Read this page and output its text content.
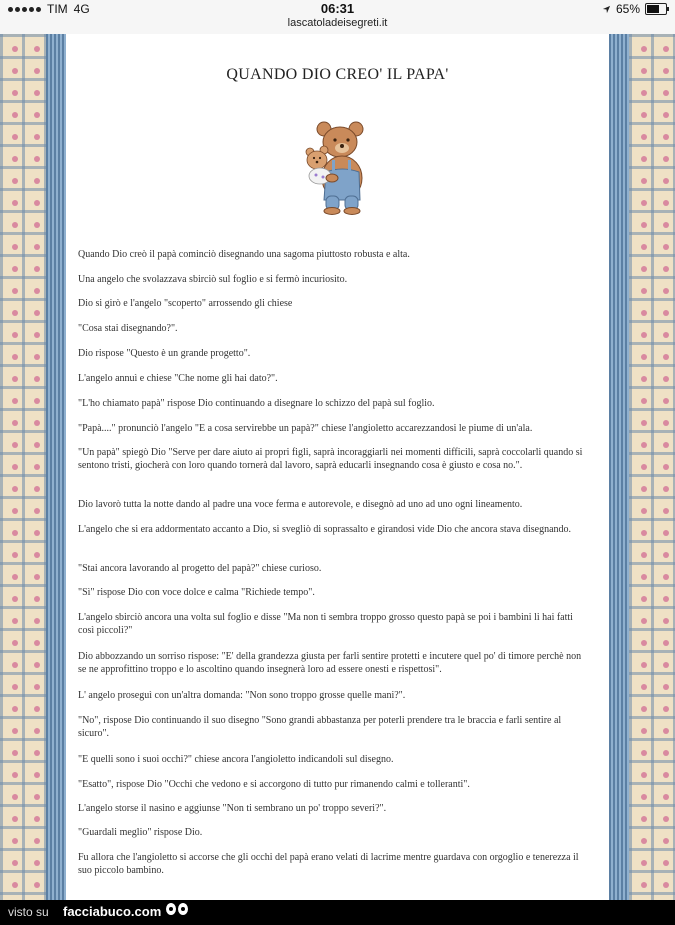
TIM 4G	06:31
lascatoladeisegreti.it
65%
QUANDO DIO CREO' IL PAPA'

Quando Dio creò il papà cominciò disegnando una sagoma piuttosto robusta e alta.

Una angelo che svolazzava sbirciò sul foglio e si fermò incuriosito.

Dio si girò e l'angelo "scoperto" arrossendo gli chiese

"Cosa stai disegnando?".

Dio rispose "Questo è un grande progetto".

L'angelo annuì e chiese "Che nome gli hai dato?".

"L'ho chiamato papà" rispose Dio continuando a disegnare lo schizzo del papà sul foglio.

"Papà...." pronunciò l'angelo "E a cosa servirebbe un papà?" chiese l'angioletto accarezzandosi le piume di un'ala.

"Un papà" spiegò Dio "Serve per dare aiuto ai propri figli, saprà incoraggiarli nei momenti difficili, saprà coccolarli quando si sentono tristi, giocherà con loro quando tornerà dal lavoro, saprà educarli insegnando cosa è giusto e cosa no.".

Dio lavorò tutta la notte dando al padre una voce ferma e autorevole, e disegnò ad uno ad uno ogni lineamento.

L'angelo che si era addormentato accanto a Dio, si svegliò di soprassalto e girandosi vide Dio che ancora stava disegnando.

"Stai ancora lavorando al progetto del papà?" chiese curioso.

"Sì" rispose Dio con voce dolce e calma "Richiede tempo".

L'angelo sbirciò ancora una volta sul foglio e disse "Ma non ti sembra troppo grosso questo papà se poi i bambini li hai fatti così piccoli?"

Dio abbozzando un sorriso rispose: "E' della grandezza giusta per farli sentire protetti e incutere quel po' di timore perchè non se ne approfittino troppo e lo ascoltino quando insegnerà loro ad essere onesti e rispettosi".

L' angelo proseguì con un'altra domanda: "Non sono troppo grosse quelle mani?".

"No", rispose Dio continuando il suo disegno "Sono grandi abbastanza per poterli prendere tra le braccia e farli sentire al sicuro".

"E quelli sono i suoi occhi?" chiese ancora l'angioletto indicandoli sul disegno.

"Esatto", rispose Dio "Occhi che vedono e si accorgono di tutto pur rimanendo calmi e tolleranti".

L'angelo storse il nasino e aggiunse "Non ti sembrano un po' troppo severi?".

"Guardali meglio" rispose Dio.

Fu allora che l'angioletto si accorse che gli occhi del papà erano velati di lacrime mentre guardava con orgoglio e tenerezza il suo piccolo bambino.

visto su facciabuco.com
